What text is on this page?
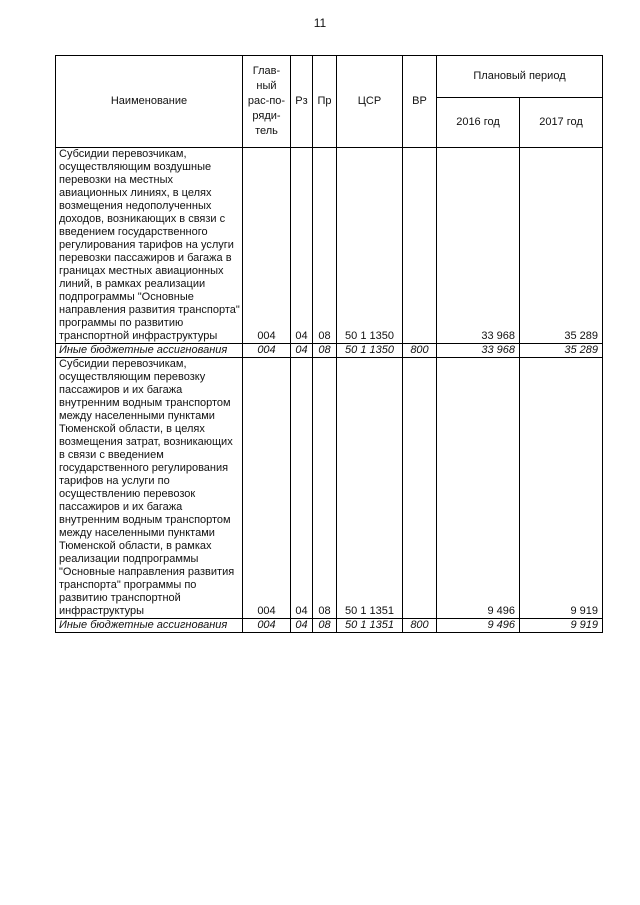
11
Наименование	Глав-ный рас-по-ряди-тель	Рз	Пр	ЦСР	ВР	Плановый период	
						2016 год	2017 год
Субсидии перевозчикам, осуществляющим воздушные перевозки на местных авиационных линиях, в целях возмещения недополученных доходов, возникающих в связи с введением государственного регулирования тарифов на услуги перевозки пассажиров и багажа в границах местных авиационных линий, в рамках реализации подпрограммы "Основные направления развития транспорта" программы по развитию транспортной инфраструктуры	004	04	08	50 1 1350		33 968	35 289
Иные бюджетные ассигнования	004	04	08	50 1 1350	800	33 968	35 289
Субсидии перевозчикам, осуществляющим перевозку пассажиров и их багажа внутренним водным транспортом между населенными пунктами Тюменской области, в целях возмещения затрат, возникающих в связи с введением государственного регулирования тарифов на услуги по осуществлению перевозок пассажиров и их багажа внутренним водным транспортом между населенными пунктами Тюменской области, в рамках реализации подпрограммы "Основные направления развития транспорта" программы по развитию транспортной инфраструктуры	004	04	08	50 1 1351		9 496	9 919
Иные бюджетные ассигнования	004	04	08	50 1 1351	800	9 496	9 919
